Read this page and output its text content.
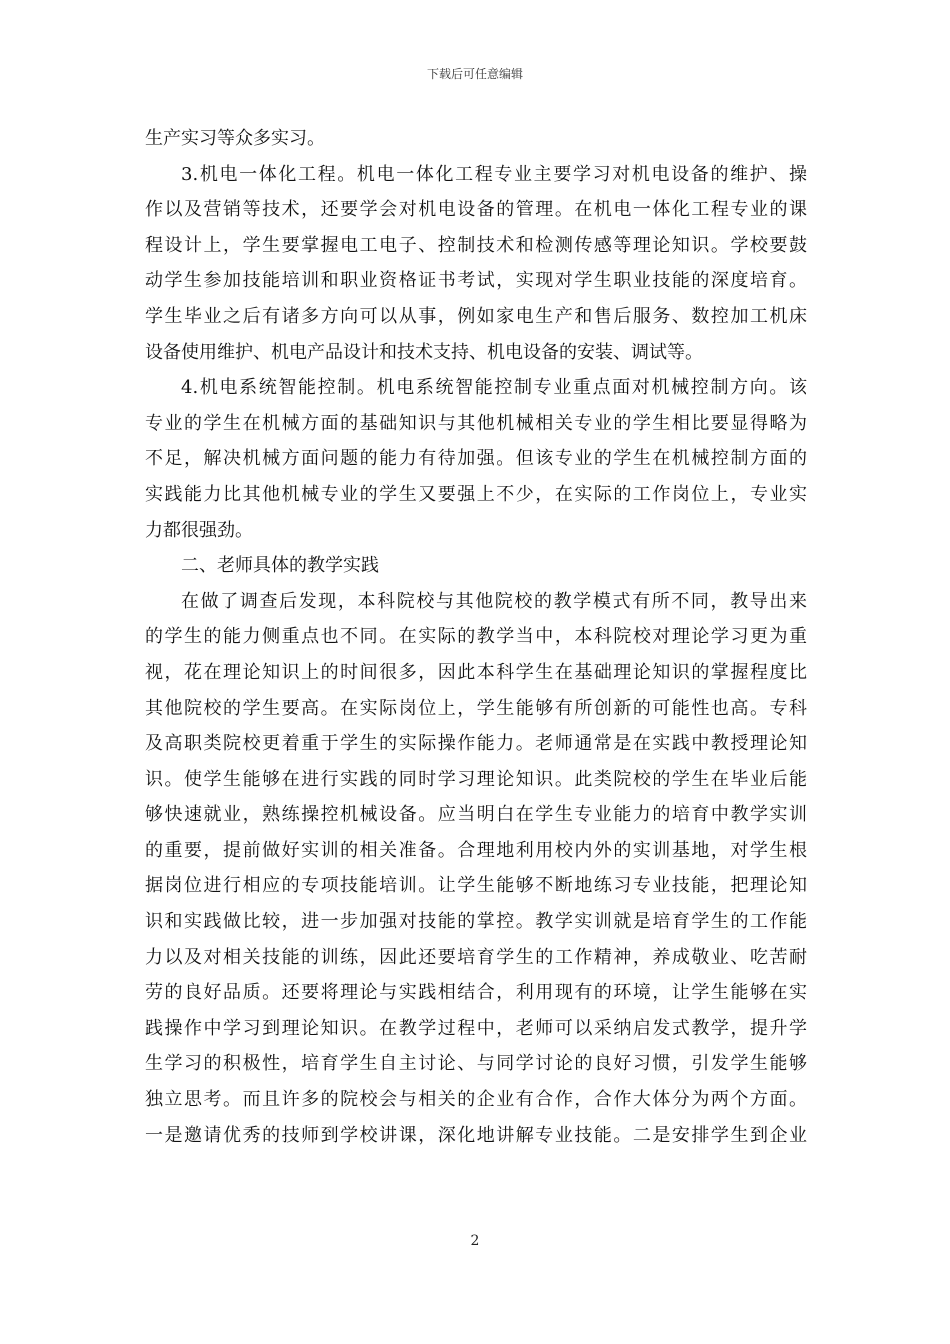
下载后可任意编辑
生产实习等众多实习。
3.机电一体化工程。机电一体化工程专业主要学习对机电设备的维护、操
作以及营销等技术，还要学会对机电设备的管理。在机电一体化工程专业的课
程设计上，学生要掌握电工电子、控制技术和检测传感等理论知识。学校要鼓
动学生参加技能培训和职业资格证书考试，实现对学生职业技能的深度培育。
学生毕业之后有诸多方向可以从事，例如家电生产和售后服务、数控加工机床
设备使用维护、机电产品设计和技术支持、机电设备的安装、调试等。
4.机电系统智能控制。机电系统智能控制专业重点面对机械控制方向。该
专业的学生在机械方面的基础知识与其他机械相关专业的学生相比要显得略为
不足，解决机械方面问题的能力有待加强。但该专业的学生在机械控制方面的
实践能力比其他机械专业的学生又要强上不少，在实际的工作岗位上，专业实
力都很强劲。
二、老师具体的教学实践
在做了调查后发现，本科院校与其他院校的教学模式有所不同，教导出来
的学生的能力侧重点也不同。在实际的教学当中，本科院校对理论学习更为重
视，花在理论知识上的时间很多，因此本科学生在基础理论知识的掌握程度比
其他院校的学生要高。在实际岗位上，学生能够有所创新的可能性也高。专科
及高职类院校更着重于学生的实际操作能力。老师通常是在实践中教授理论知
识。使学生能够在进行实践的同时学习理论知识。此类院校的学生在毕业后能
够快速就业，熟练操控机械设备。应当明白在学生专业能力的培育中教学实训
的重要，提前做好实训的相关准备。合理地利用校内外的实训基地，对学生根
据岗位进行相应的专项技能培训。让学生能够不断地练习专业技能，把理论知
识和实践做比较，进一步加强对技能的掌控。教学实训就是培育学生的工作能
力以及对相关技能的训练，因此还要培育学生的工作精神，养成敬业、吃苦耐
劳的良好品质。还要将理论与实践相结合，利用现有的环境，让学生能够在实
践操作中学习到理论知识。在教学过程中，老师可以采纳启发式教学，提升学
生学习的积极性，培育学生自主讨论、与同学讨论的良好习惯，引发学生能够
独立思考。而且许多的院校会与相关的企业有合作，合作大体分为两个方面。
一是邀请优秀的技师到学校讲课，深化地讲解专业技能。二是安排学生到企业
2
